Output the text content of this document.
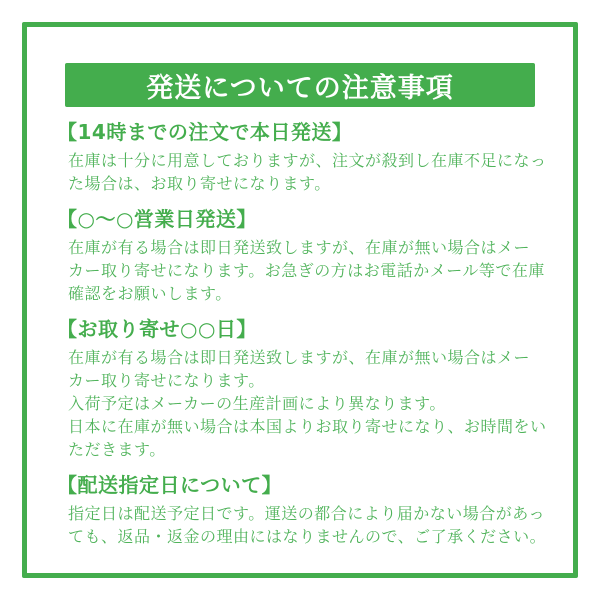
発送についての注意事項
【14時までの注文で本日発送】
在庫は十分に用意しておりますが、注文が殺到し在庫不足になっ
た場合は、お取り寄せになります。
【○〜○営業日発送】
在庫が有る場合は即日発送致しますが、在庫が無い場合はメー
カー取り寄せになります。お急ぎの方はお電話かメール等で在庫
確認をお願いします。
【お取り寄せ○○日】
在庫が有る場合は即日発送致しますが、在庫が無い場合はメー
カー取り寄せになります。
入荷予定はメーカーの生産計画により異なります。
日本に在庫が無い場合は本国よりお取り寄せになり、お時間をい
ただきます。
【配送指定日について】
指定日は配送予定日です。運送の都合により届かない場合があっ
ても、返品・返金の理由にはなりませんので、ご了承ください。
